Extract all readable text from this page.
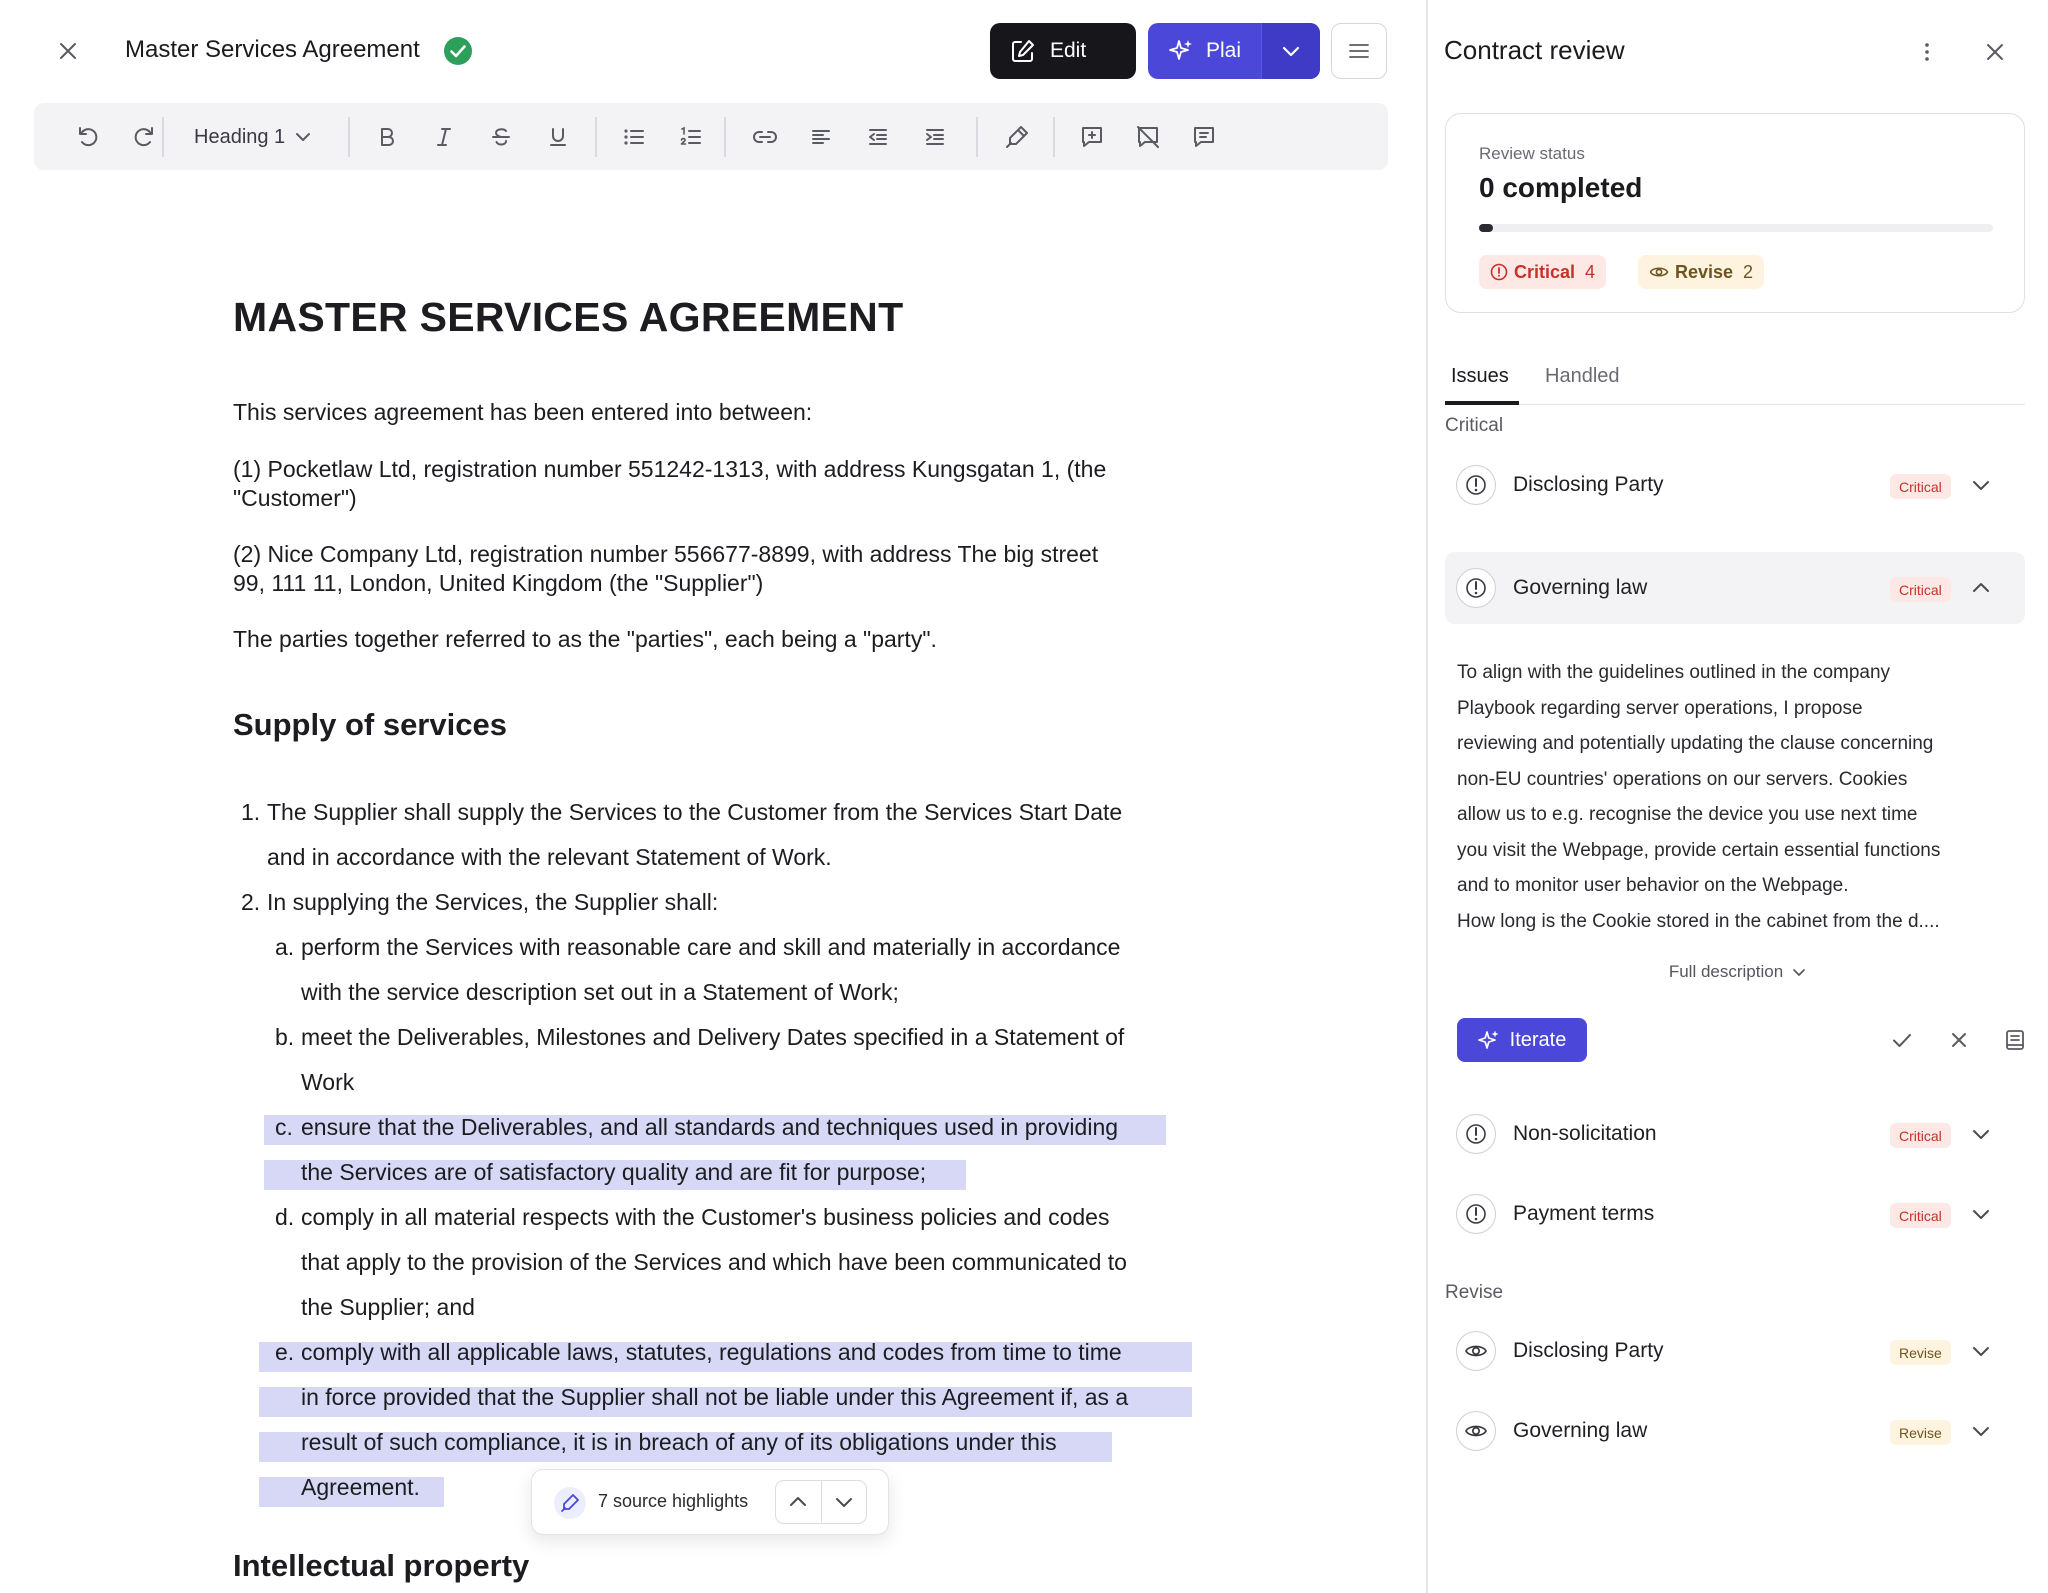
Master Services Agreement	Edit	Plai
Heading 1
MASTER SERVICES AGREEMENT
This services agreement has been entered into between:
(1) Pocketlaw Ltd, registration number 551242-1313, with address Kungsgatan 1, (the
"Customer")
(2) Nice Company Ltd, registration number 556677-8899, with address The big street
99, 111 11, London, United Kingdom (the "Supplier")
The parties together referred to as the "parties", each being a "party".
Supply of services
1. The Supplier shall supply the Services to the Customer from the Services Start Date
and in accordance with the relevant Statement of Work.
2. In supplying the Services, the Supplier shall:
a. perform the Services with reasonable care and skill and materially in accordance
with the service description set out in a Statement of Work;
b. meet the Deliverables, Milestones and Delivery Dates specified in a Statement of
Work
c. ensure that the Deliverables, and all standards and techniques used in providing
the Services are of satisfactory quality and are fit for purpose;
d. comply in all material respects with the Customer's business policies and codes
that apply to the provision of the Services and which have been communicated to
the Supplier; and
e. comply with all applicable laws, statutes, regulations and codes from time to time
in force provided that the Supplier shall not be liable under this Agreement if, as a
result of such compliance, it is in breach of any of its obligations under this
Agreement.
Intellectual property
7 source highlights
Contract review
Review status
0 completed
Critical 4	Revise 2
Issues Handled
Critical
Disclosing Party	Critical
Governing law	Critical
To align with the guidelines outlined in the company
Playbook regarding server operations, I propose
reviewing and potentially updating the clause concerning
non-EU countries' operations on our servers. Cookies
allow us to e.g. recognise the device you use next time
you visit the Webpage, provide certain essential functions
and to monitor user behavior on the Webpage.
How long is the Cookie stored in the cabinet from the d....
Full description
Iterate
Non-solicitation	Critical
Payment terms	Critical
Revise
Disclosing Party	Revise
Governing law	Revise
